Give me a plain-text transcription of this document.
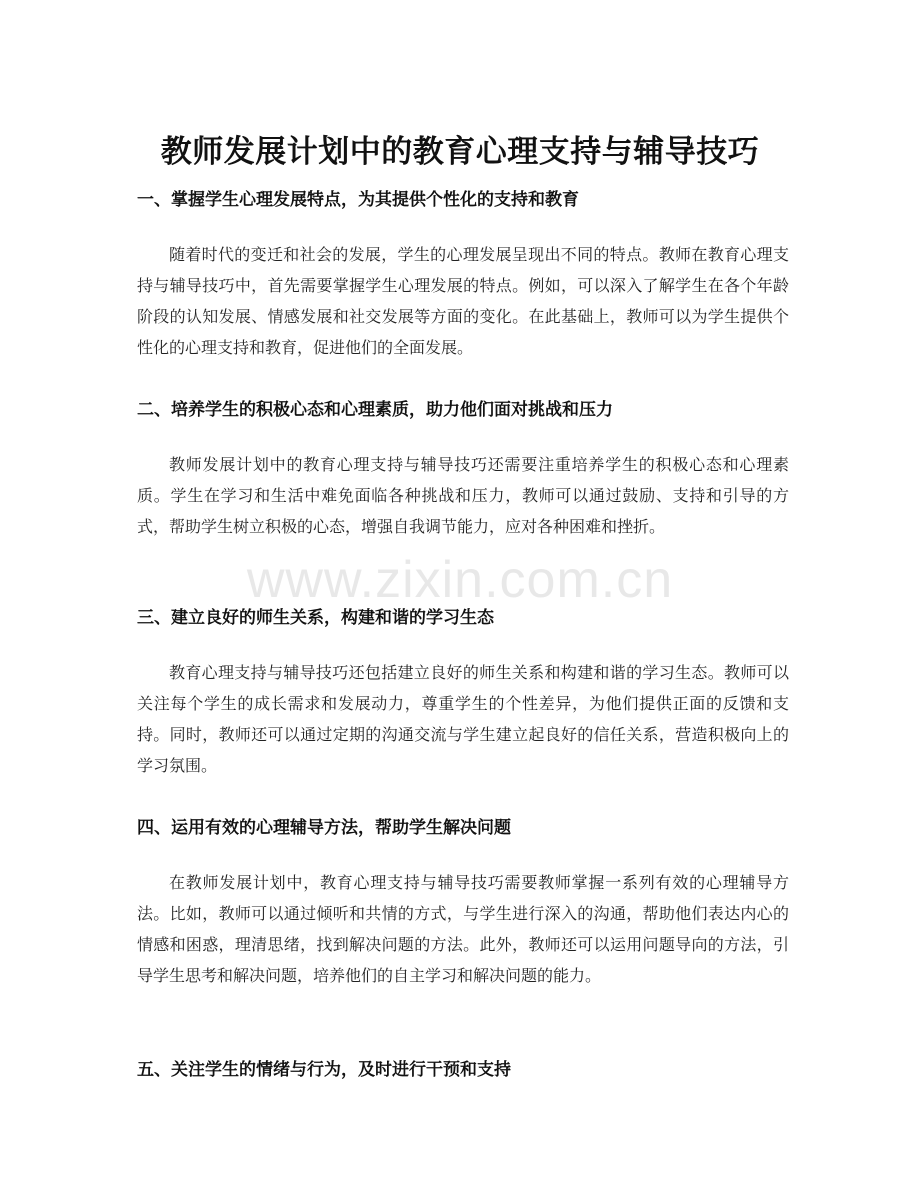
教师发展计划中的教育心理支持与辅导技巧
一、掌握学生心理发展特点，为其提供个性化的支持和教育

随着时代的变迁和社会的发展，学生的心理发展呈现出不同的特点。教师在教育心理支持与辅导技巧中，首先需要掌握学生心理发展的特点。例如，可以深入了解学生在各个年龄阶段的认知发展、情感发展和社交发展等方面的变化。在此基础上，教师可以为学生提供个性化的心理支持和教育，促进他们的全面发展。

二、培养学生的积极心态和心理素质，助力他们面对挑战和压力

教师发展计划中的教育心理支持与辅导技巧还需要注重培养学生的积极心态和心理素质。学生在学习和生活中难免面临各种挑战和压力，教师可以通过鼓励、支持和引导的方式，帮助学生树立积极的心态，增强自我调节能力，应对各种困难和挫折。

三、建立良好的师生关系，构建和谐的学习生态

教育心理支持与辅导技巧还包括建立良好的师生关系和构建和谐的学习生态。教师可以关注每个学生的成长需求和发展动力，尊重学生的个性差异，为他们提供正面的反馈和支持。同时，教师还可以通过定期的沟通交流与学生建立起良好的信任关系，营造积极向上的学习氛围。

四、运用有效的心理辅导方法，帮助学生解决问题

在教师发展计划中，教育心理支持与辅导技巧需要教师掌握一系列有效的心理辅导方法。比如，教师可以通过倾听和共情的方式，与学生进行深入的沟通，帮助他们表达内心的情感和困惑，理清思绪，找到解决问题的方法。此外，教师还可以运用问题导向的方法，引导学生思考和解决问题，培养他们的自主学习和解决问题的能力。

五、关注学生的情绪与行为，及时进行干预和支持
www.zixin.com.cn
